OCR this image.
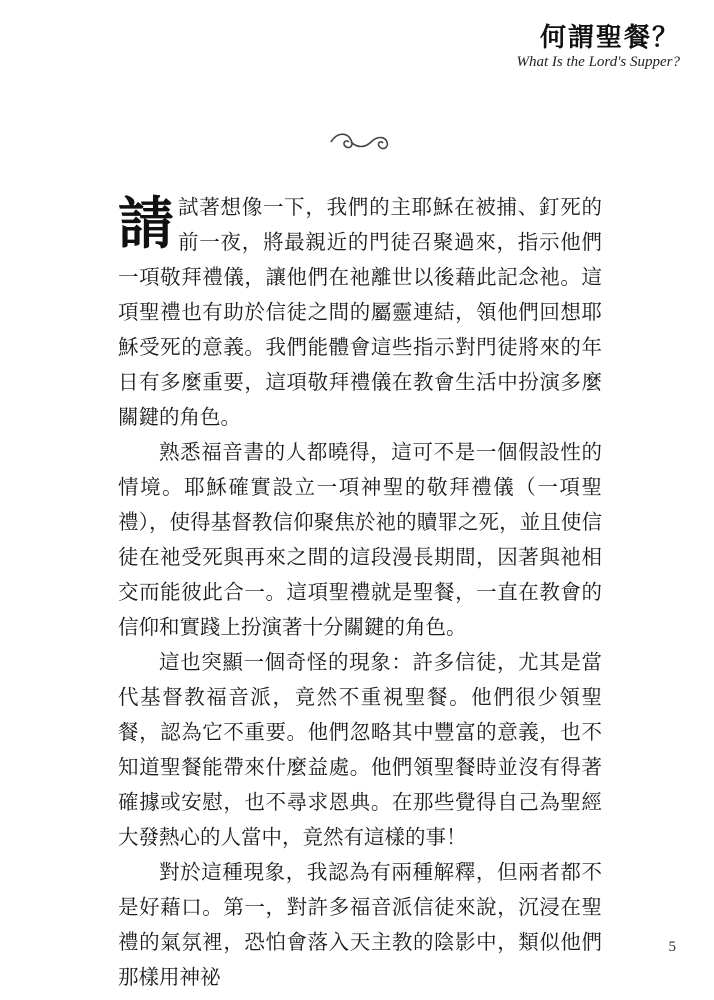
何謂聖餐？
What Is the Lord's Supper?

請試著想像一下，我們的主耶穌在被捕、釘死的前一夜，將最親近的門徒召聚過來，指示他們一項敬拜禮儀，讓他們在祂離世以後藉此記念祂。這項聖禮也有助於信徒之間的屬靈連結，領他們回想耶穌受死的意義。我們能體會這些指示對門徒將來的年日有多麼重要，這項敬拜禮儀在教會生活中扮演多麼關鍵的角色。

熟悉福音書的人都曉得，這可不是一個假設性的情境。耶穌確實設立一項神聖的敬拜禮儀（一項聖禮），使得基督教信仰聚焦於祂的贖罪之死，並且使信徒在祂受死與再來之間的這段漫長期間，因著與祂相交而能彼此合一。這項聖禮就是聖餐，一直在教會的信仰和實踐上扮演著十分關鍵的角色。

這也突顯一個奇怪的現象：許多信徒，尤其是當代基督教福音派，竟然不重視聖餐。他們很少領聖餐，認為它不重要。他們忽略其中豐富的意義，也不知道聖餐能帶來什麼益處。他們領聖餐時並沒有得著確據或安慰，也不尋求恩典。在那些覺得自己為聖經大發熱心的人當中，竟然有這樣的事！

對於這種現象，我認為有兩種解釋，但兩者都不是好藉口。第一，對許多福音派信徒來說，沉浸在聖禮的氣氛裡，恐怕會落入天主教的陰影中，類似他們那樣用神祕

5
